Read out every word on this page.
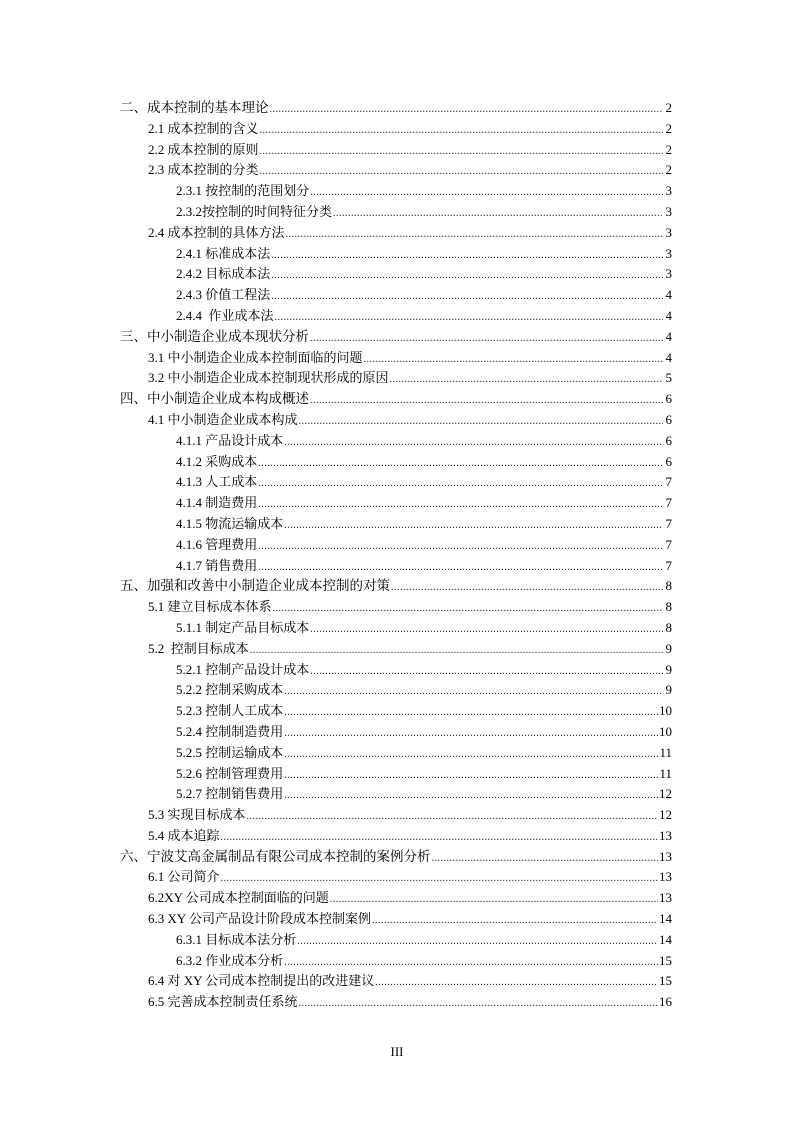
二、成本控制的基本理论 .....	2
2.1 成本控制的含义 .....	2
2.2 成本控制的原则 .....	2
2.3 成本控制的分类 .....	2
2.3.1 按控制的范围划分 .....	3
2.3.2按控制的时间特征分类 .....	3
2.4 成本控制的具体方法 .....	3
2.4.1 标准成本法 .....	3
2.4.2 目标成本法 .....	3
2.4.3 价值工程法 .....	4
2.4.4  作业成本法 .....	4
三、中小制造企业成本现状分析 .....	4
3.1 中小制造企业成本控制面临的问题 .....	4
3.2 中小制造企业成本控制现状形成的原因 .....	5
四、中小制造企业成本构成概述 .....	6
4.1 中小制造企业成本构成 .....	6
4.1.1 产品设计成本 .....	6
4.1.2 采购成本 .....	6
4.1.3 人工成本 .....	7
4.1.4 制造费用 .....	7
4.1.5 物流运输成本 .....	7
4.1.6 管理费用 .....	7
4.1.7 销售费用 .....	7
五、加强和改善中小制造企业成本控制的对策 .....	8
5.1 建立目标成本体系 .....	8
5.1.1 制定产品目标成本 .....	8
5.2  控制目标成本 .....	9
5.2.1 控制产品设计成本 .....	9
5.2.2 控制采购成本 .....	9
5.2.3 控制人工成本 .....	10
5.2.4 控制制造费用 .....	10
5.2.5 控制运输成本 .....	11
5.2.6 控制管理费用 .....	11
5.2.7 控制销售费用 .....	12
5.3 实现目标成本 .....	12
5.4 成本追踪 .....	13
六、宁波艾高金属制品有限公司成本控制的案例分析 .....	13
6.1 公司简介 .....	13
6.2XY 公司成本控制面临的问题 .....	13
6.3 XY 公司产品设计阶段成本控制案例 .....	14
6.3.1 目标成本法分析 .....	14
6.3.2 作业成本分析 .....	15
6.4 对 XY 公司成本控制提出的改进建议 .....	15
6.5 完善成本控制责任系统 .....	16
III
